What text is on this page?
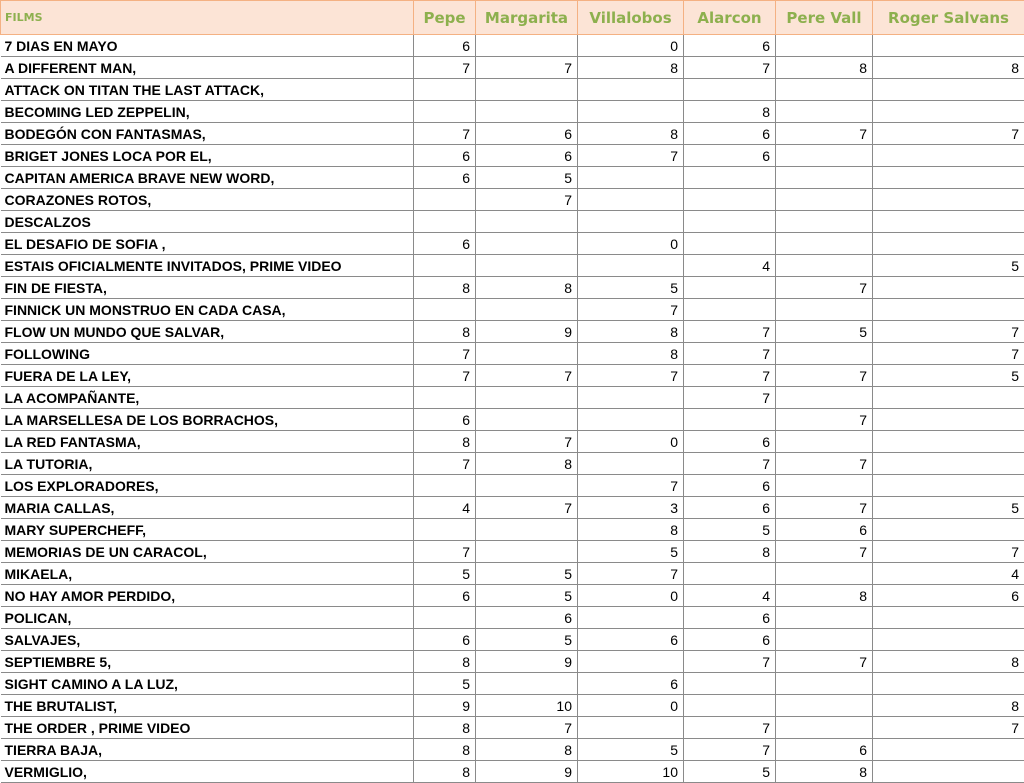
FILMS	Pepe	Margarita	Villalobos	Alarcon	Pere Vall	Roger Salvans
7 DIAS EN MAYO	6		0	6		
A DIFFERENT MAN,	7	7	8	7	8	8
ATTACK ON TITAN THE LAST ATTACK,						
BECOMING LED ZEPPELIN,				8		
BODEGÓN CON FANTASMAS,	7	6	8	6	7	7
BRIGET JONES LOCA POR EL,	6	6	7	6		
CAPITAN AMERICA BRAVE NEW WORD,	6	5				
CORAZONES ROTOS,		7				
DESCALZOS						
EL DESAFIO DE SOFIA ,	6		0			
ESTAIS OFICIALMENTE INVITADOS, PRIME VIDEO				4		5
FIN DE FIESTA,	8	8	5		7	
FINNICK UN MONSTRUO EN CADA CASA,			7			
FLOW UN MUNDO QUE SALVAR,	8	9	8	7	5	7
FOLLOWING	7		8	7		7
FUERA DE LA LEY,	7	7	7	7	7	5
LA ACOMPAÑANTE,				7		
LA MARSELLESA DE LOS BORRACHOS,	6				7	
LA RED FANTASMA,	8	7	0	6		
LA TUTORIA,	7	8		7	7	
LOS EXPLORADORES,			7	6		
MARIA CALLAS,	4	7	3	6	7	5
MARY SUPERCHEFF,			8	5	6	
MEMORIAS DE UN CARACOL,	7		5	8	7	7
MIKAELA,	5	5	7			4
NO HAY AMOR PERDIDO,	6	5	0	4	8	6
POLICAN,		6		6		
SALVAJES,	6	5	6	6		
SEPTIEMBRE 5,	8	9		7	7	8
SIGHT CAMINO A LA LUZ,	5		6			
THE BRUTALIST,	9	10	0			8
THE ORDER , PRIME VIDEO	8	7		7		7
TIERRA BAJA,	8	8	5	7	6	
VERMIGLIO,	8	9	10	5	8	
